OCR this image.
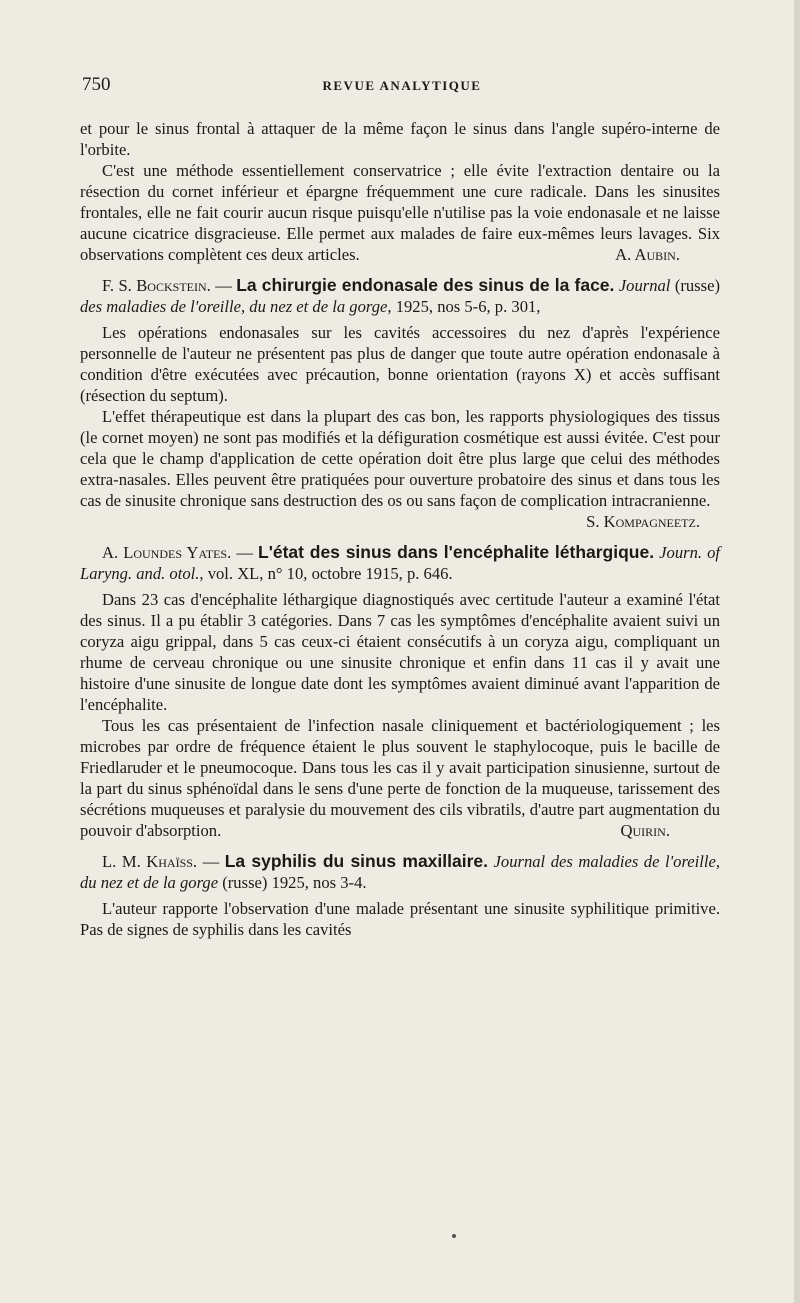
750	REVUE ANALYTIQUE

et pour le sinus frontal à attaquer de la même façon le sinus dans l'angle supéro-interne de l'orbite.

C'est une méthode essentiellement conservatrice ; elle évite l'extraction dentaire ou la résection du cornet inférieur et épargne fréquemment une cure radicale. Dans les sinusites frontales, elle ne fait courir aucun risque puisqu'elle n'utilise pas la voie endonasale et ne laisse aucune cicatrice disgracieuse. Elle permet aux malades de faire eux-mêmes leurs lavages. Six observations complètent ces deux articles.	A. Aubin.

F. S. Bockstein. — La chirurgie endonasale des sinus de la face. Journal (russe) des maladies de l'oreille, du nez et de la gorge, 1925, nos 5-6, p. 301,

Les opérations endonasales sur les cavités accessoires du nez d'après l'expérience personnelle de l'auteur ne présentent pas plus de danger que toute autre opération endonasale à condition d'être exécutées avec précaution, bonne orientation (rayons X) et accès suffisant (résection du septum).

L'effet thérapeutique est dans la plupart des cas bon, les rapports physiologiques des tissus (le cornet moyen) ne sont pas modifiés et la défiguration cosmétique est aussi évitée. C'est pour cela que le champ d'application de cette opération doit être plus large que celui des méthodes extra-nasales. Elles peuvent être pratiquées pour ouverture probatoire des sinus et dans tous les cas de sinusite chronique sans destruction des os ou sans façon de complication intracranienne.

S. Kompagneetz.

A. Loundes Yates. — L'état des sinus dans l'encéphalite léthargique. Journ. of Laryng. and. otol., vol. XL, n° 10, octobre 1915, p. 646.

Dans 23 cas d'encéphalite léthargique diagnostiqués avec certitude l'auteur a examiné l'état des sinus. Il a pu établir 3 catégories. Dans 7 cas les symptômes d'encéphalite avaient suivi un coryza aigu grippal, dans 5 cas ceux-ci étaient consécutifs à un coryza aigu, compliquant un rhume de cerveau chronique ou une sinusite chronique et enfin dans 11 cas il y avait une histoire d'une sinusite de longue date dont les symptômes avaient diminué avant l'apparition de l'encéphalite.

Tous les cas présentaient de l'infection nasale cliniquement et bactériologiquement ; les microbes par ordre de fréquence étaient le plus souvent le staphylocoque, puis le bacille de Friedlaruder et le pneumocoque. Dans tous les cas il y avait participation sinusienne, surtout de la part du sinus sphénoïdal dans le sens d'une perte de fonction de la muqueuse, tarissement des sécrétions muqueuses et paralysie du mouvement des cils vibratils, d'autre part augmentation du pouvoir d'absorption.	Quirin.

L. M. Khaïss. — La syphilis du sinus maxillaire. Journal des maladies de l'oreille, du nez et de la gorge (russe) 1925, nos 3-4.

L'auteur rapporte l'observation d'une malade présentant une sinusite syphilitique primitive. Pas de signes de syphilis dans les cavités
